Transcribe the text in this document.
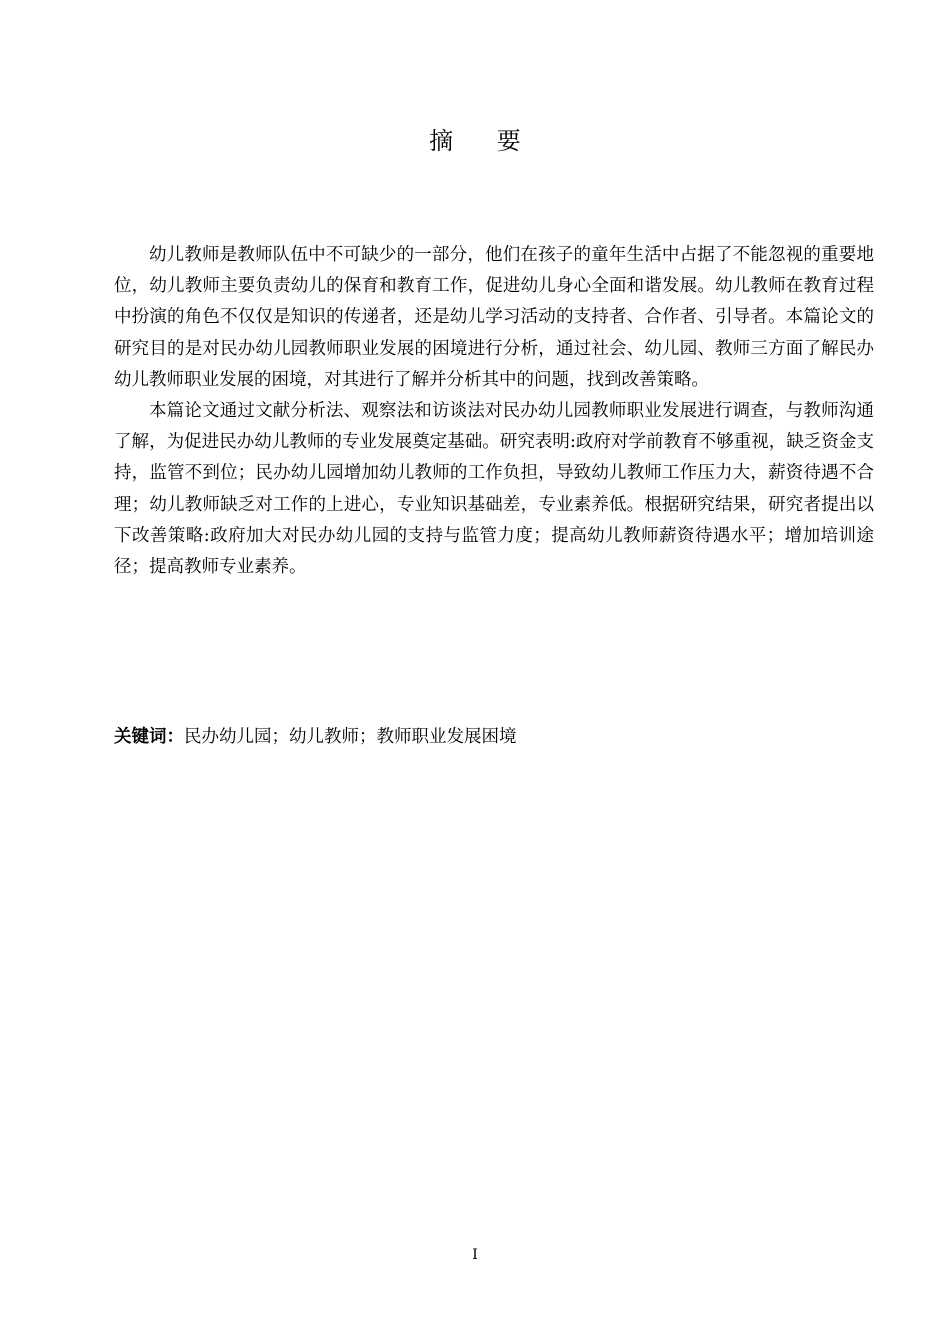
摘 要

幼儿教师是教师队伍中不可缺少的一部分，他们在孩子的童年生活中占据了不能忽视的重要地位，幼儿教师主要负责幼儿的保育和教育工作，促进幼儿身心全面和谐发展。幼儿教师在教育过程中扮演的角色不仅仅是知识的传递者，还是幼儿学习活动的支持者、合作者、引导者。本篇论文的研究目的是对民办幼儿园教师职业发展的困境进行分析，通过社会、幼儿园、教师三方面了解民办幼儿教师职业发展的困境，对其进行了解并分析其中的问题，找到改善策略。

本篇论文通过文献分析法、观察法和访谈法对民办幼儿园教师职业发展进行调查，与教师沟通了解，为促进民办幼儿教师的专业发展奠定基础。研究表明:政府对学前教育不够重视，缺乏资金支持，监管不到位；民办幼儿园增加幼儿教师的工作负担，导致幼儿教师工作压力大，薪资待遇不合理；幼儿教师缺乏对工作的上进心，专业知识基础差，专业素养低。根据研究结果，研究者提出以下改善策略:政府加大对民办幼儿园的支持与监管力度；提高幼儿教师薪资待遇水平；增加培训途径；提高教师专业素养。

关键词：民办幼儿园；幼儿教师；教师职业发展困境
I
